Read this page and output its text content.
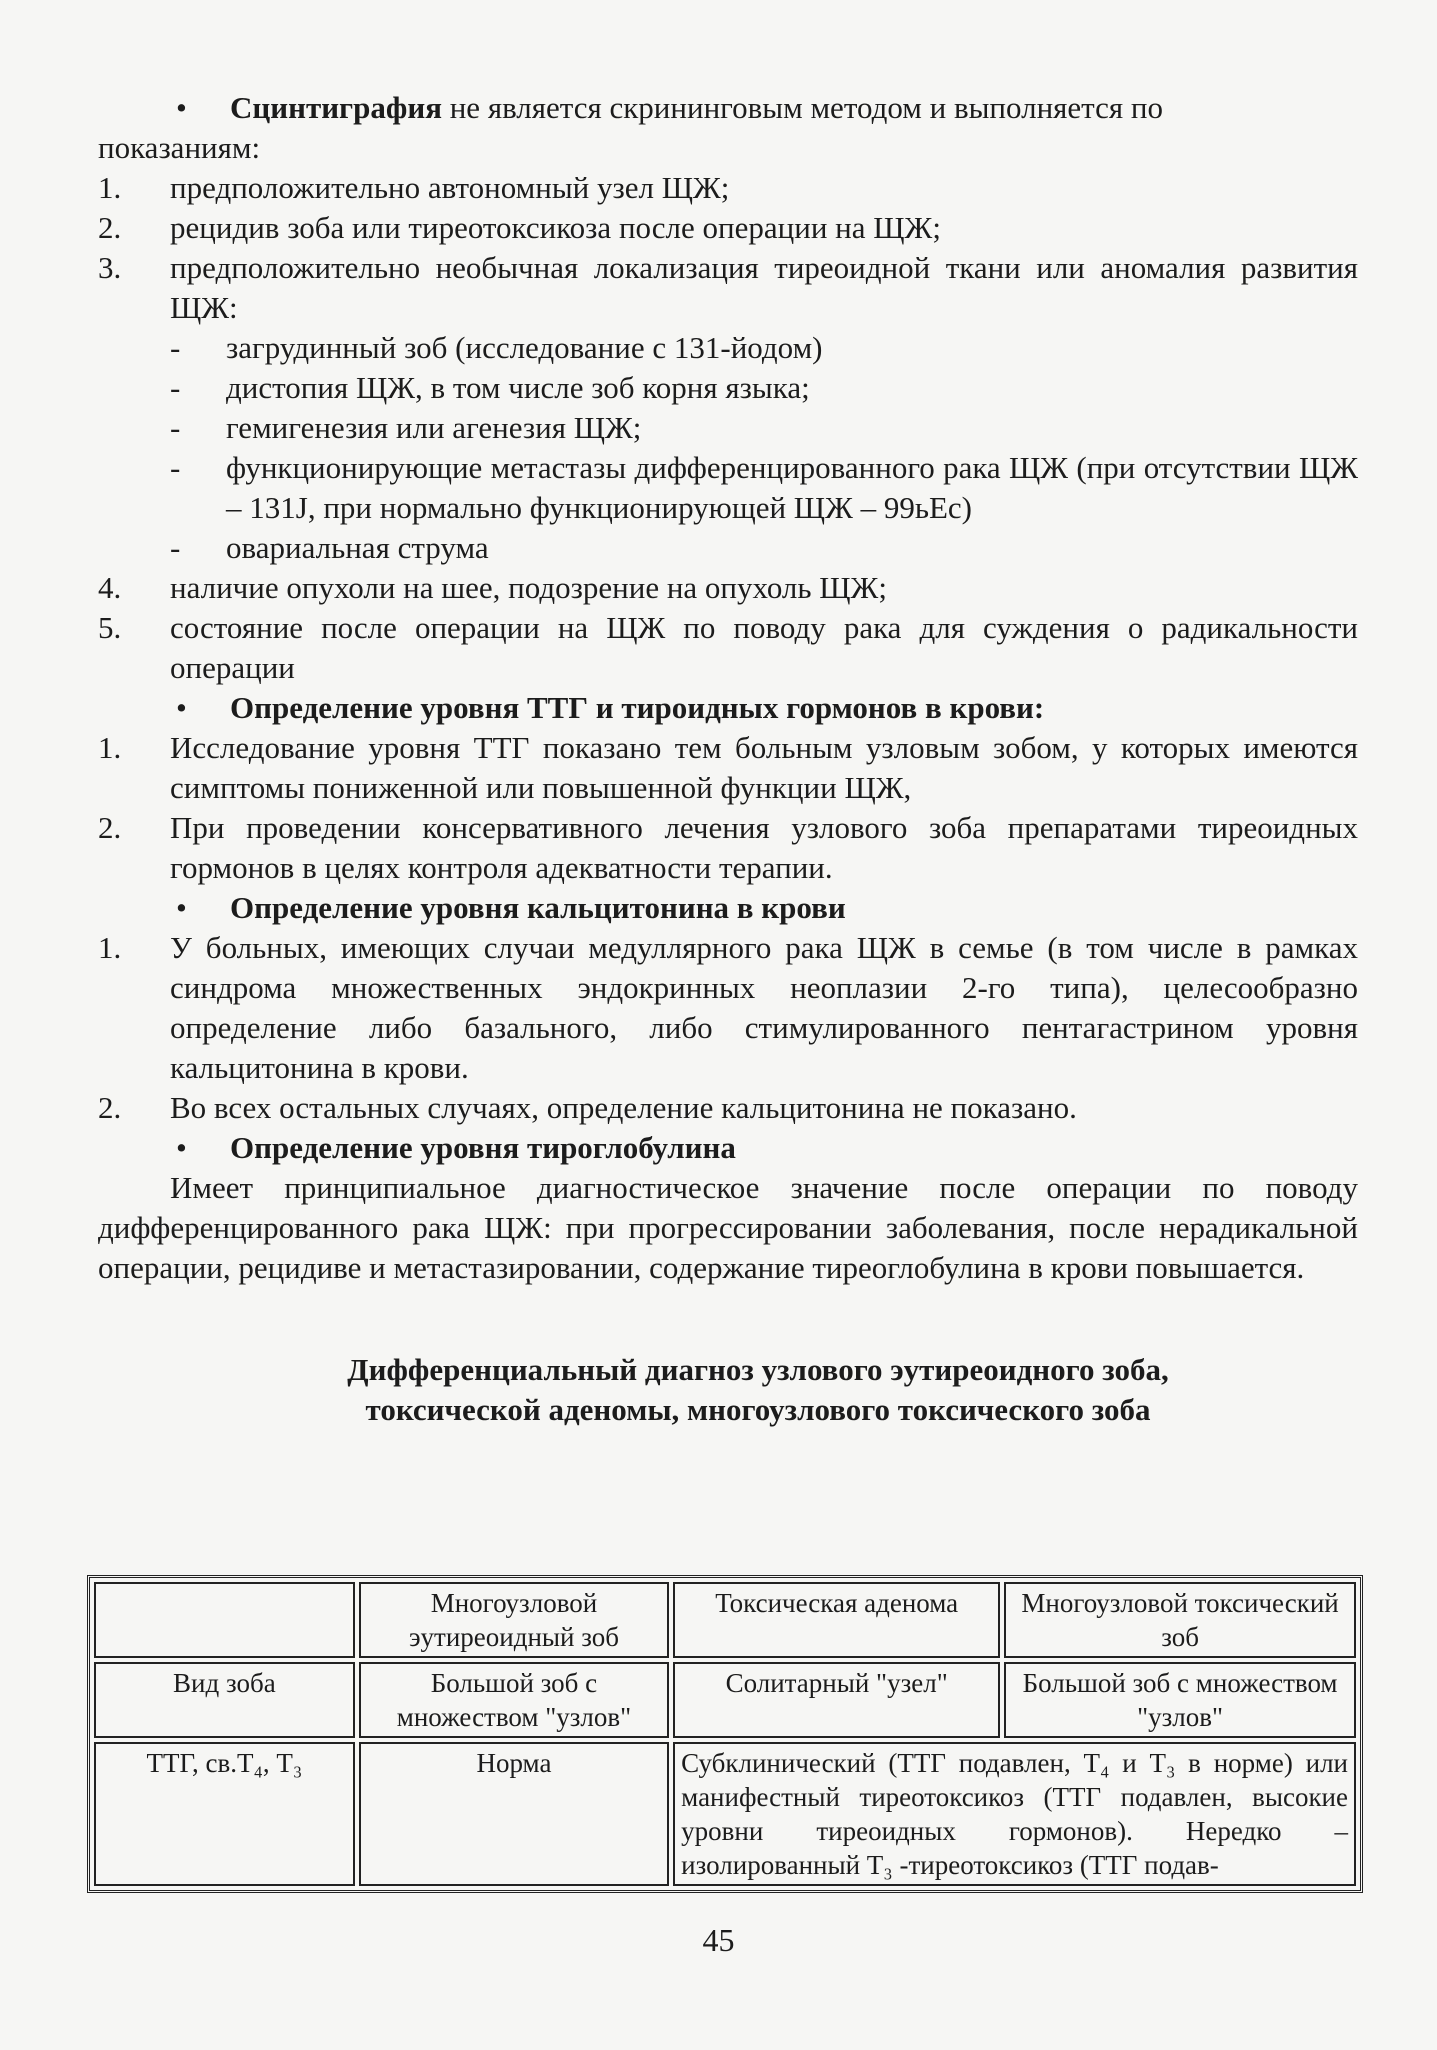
• Сцинтиграфия не является скрининговым методом и выполняется по
показаниям:
1. предположительно автономный узел ЩЖ;
2. рецидив зоба или тиреотоксикоза после операции на ЩЖ;
3. предположительно необычная локализация тиреоидной ткани или аномалия развития ЩЖ:
- загрудинный зоб (исследование с 131-йодом)
- дистопия ЩЖ, в том числе зоб корня языка;
- гемигенезия или агенезия ЩЖ;
- функционирующие метастазы дифференцированного рака ЩЖ (при отсутствии ЩЖ – 131J, при нормально функционирующей ЩЖ – 99ьЕс)
- овариальная струма
4. наличие опухоли на шее, подозрение на опухоль ЩЖ;
5. состояние после операции на ЩЖ по поводу рака для суждения о радикальности операции
• Определение уровня ТТГ и тироидных гормонов в крови:
1. Исследование уровня ТТГ показано тем больным узловым зобом, у которых имеются симптомы пониженной или повышенной функции ЩЖ,
2. При проведении консервативного лечения узлового зоба препаратами тиреоидных гормонов в целях контроля адекватности терапии.
• Определение уровня кальцитонина в крови
1. У больных, имеющих случаи медуллярного рака ЩЖ в семье (в том числе в рамках синдрома множественных эндокринных неоплазии 2-го типа), целесообразно определение либо базального, либо стимулированного пентагастрином уровня кальцитонина в крови.
2. Во всех остальных случаях, определение кальцитонина не показано.
• Определение уровня тироглобулина
Имеет принципиальное диагностическое значение после операции по поводу дифференцированного рака ЩЖ: при прогрессировании заболевания, после нерадикальной операции, рецидиве и метастазировании, содержание тиреоглобулина в крови повышается.
Дифференциальный диагноз узлового эутиреоидного зоба,
токсической аденомы, многоузлового токсического зоба
	Многоузловой эутиреоидный зоб	Токсическая аденома	Многоузловой токсический зоб
Вид зоба	Большой зоб с множеством "узлов"	Солитарный "узел"	Большой зоб с множеством "узлов"
ТТГ, св.Т₄, Т₃	Норма	Субклинический (ТТГ подавлен, Т₄ и Т₃ в норме) или манифестный тиреотоксикоз (ТТГ подавлен, высокие уровни тиреоидных гормонов). Нередко – изолированный Т₃ -тиреотоксикоз (ТТГ подав-	
45
